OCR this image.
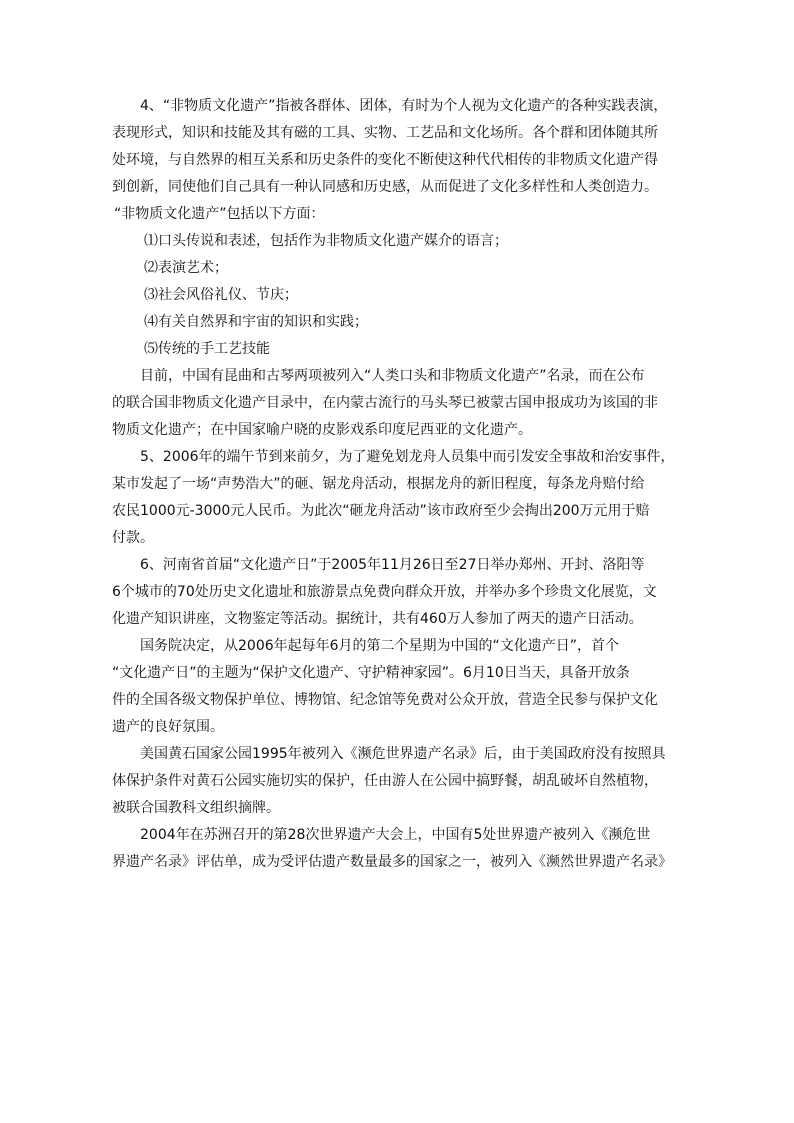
4、“非物质文化遗产”指被各群体、团体，有时为个人视为文化遗产的各种实践表演，

表现形式，知识和技能及其有磁的工具、实物、工艺品和文化场所。各个群和团体随其所

处环境，与自然界的相互关系和历史条件的变化不断使这种代代相传的非物质文化遗产得

到创新，同使他们自己具有一种认同感和历史感，从而促进了文化多样性和人类创造力。

“非物质文化遗产”包括以下方面：

⑴口头传说和表述，包括作为非物质文化遗产媒介的语言；

⑵表演艺术；

⑶社会风俗礼仪、节庆；

⑷有关自然界和宇宙的知识和实践；

⑸传统的手工艺技能

目前，中国有昆曲和古琴两项被列入“人类口头和非物质文化遗产”名录，而在公布

的联合国非物质文化遗产目录中，在内蒙古流行的马头琴已被蒙古国申报成功为该国的非

物质文化遗产；在中国家喻户晓的皮影戏系印度尼西亚的文化遗产。

5、2006年的端午节到来前夕，为了避免划龙舟人员集中而引发安全事故和治安事件，

某市发起了一场“声势浩大”的砸、锯龙舟活动，根据龙舟的新旧程度，每条龙舟赔付给

农民1000元-3000元人民币。为此次“砸龙舟活动”该市政府至少会掏出200万元用于赔

付款。

6、河南省首届“文化遗产日”于2005年11月26日至27日举办郑州、开封、洛阳等

6个城市的70处历史文化遗址和旅游景点免费向群众开放，并举办多个珍贵文化展览，文

化遗产知识讲座，文物鉴定等活动。据统计，共有460万人参加了两天的遗产日活动。

国务院决定，从2006年起每年6月的第二个星期为中国的“文化遗产日”，首个

“文化遗产日”的主题为“保护文化遗产、守护精神家园”。6月10日当天，具备开放条

件的全国各级文物保护单位、博物馆、纪念馆等免费对公众开放，营造全民参与保护文化

遗产的良好氛围。

美国黄石国家公园1995年被列入《濒危世界遗产名录》后，由于美国政府没有按照具

体保护条件对黄石公园实施切实的保护，任由游人在公园中搞野餐，胡乱破坏自然植物，

被联合国教科文组织摘牌。

2004年在苏洲召开的第28次世界遗产大会上，中国有5处世界遗产被列入《濒危世

界遗产名录》评估单，成为受评估遗产数量最多的国家之一，被列入《濒然世界遗产名录》
